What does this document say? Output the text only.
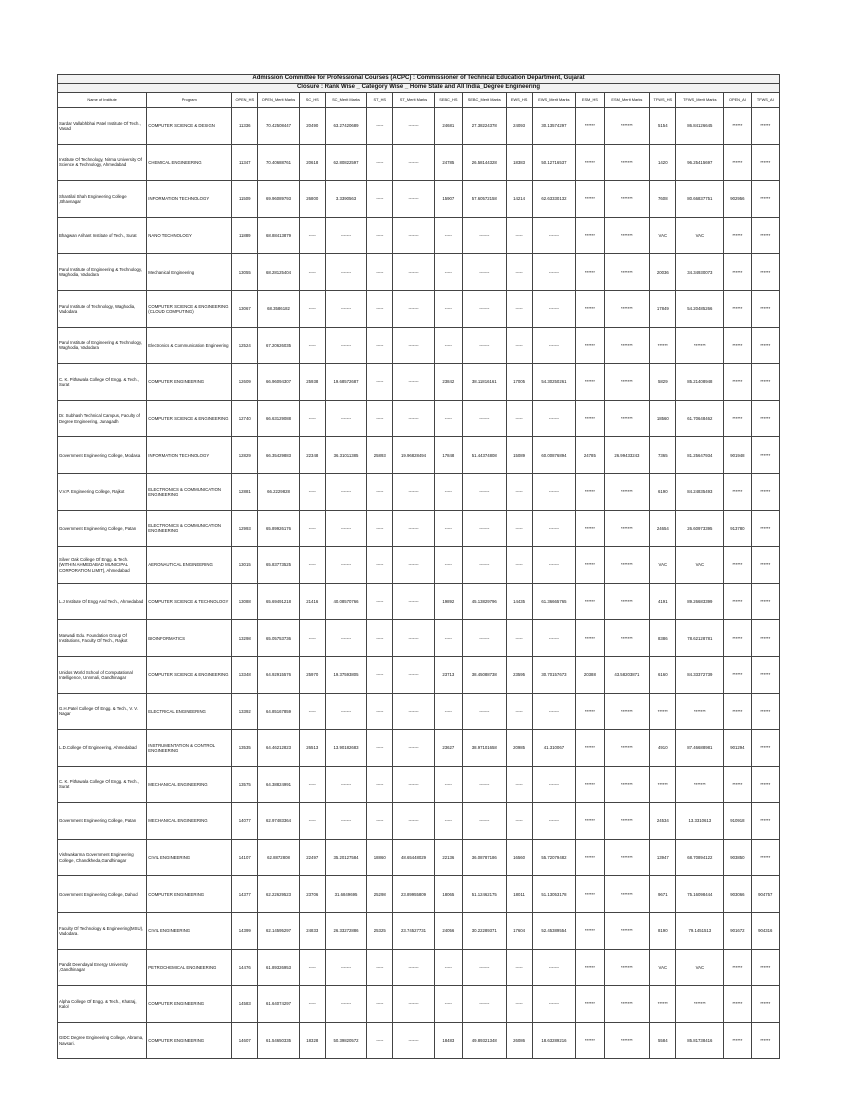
Admission Committee for Professional Courses (ACPC) : Commissioner of Technical Education Department, Gujarat																	
Closure : Rank Wise _ Category Wise _ Home State and All India_Degree Engineering																	
Name of Institute	Program	OPEN_HS	OPEN_Merit Marks	SC_HS	SC_Merit Marks	ST_HS	ST_Merit Marks	SEBC_HS	SEBC_Merit Marks	EWS_HS	EWS_Merit Marks	ESM_HS	ESM_Merit Marks	TFWS_HS	TFWS_Merit Marks	OPEN_AI	TFWS_AI
Sardar Vallabhbhai Patel Institute Of Tech., Vasad	COMPUTER SCIENCE & DESIGN	11336	70.42508447	20490	63.27420689	-----	-------	24681	27.38224378	24093	30.13574297	******	*******	5154	86.84126645	******	******
Institute Of Technology, Nirma University Of Science & Technology, Ahmedabad	CHEMICAL ENGINEERING	11347	70.40688761	20618	62.80822597	-----	-------	24785	26.58144328	18383	50.12716537	******	*******	1420	96.25415697	******	******
Shantilal Shah Engineering College ,Bhavnagar	INFORMATION TECHNOLOGY	11509	69.96089793	26800	3.3390563	-----	-------	15907	57.60572158	14214	62.63330132	******	*******	7608	80.66837751	902956	******
Bhagwan Arihant Institute of Tech., Surat	NANO TECHNOLOGY	11889	68.88413879	-----	-------	-----	-------	-----	-------	-----	-------	******	*******	VAC	VAC	******	******
Parul Institute of Engineering & Technology, Waghodia, Vadodara	Mechanical Engineering	13055	68.28125404	-----	-------	-----	-------	-----	-------	-----	-------	******	*******	20036	34.34930073	******	******
Parul Institute of Technology, Waghodia, Vadodara	COMPUTER SCIENCE & ENGINEERING (CLOUD COMPUTING)	13067	68.3586182	-----	-------	-----	-------	-----	-------	-----	-------	******	*******	17849	54.20485266	******	******
Parul Institute of Engineering & Technology, Waghodia, Vadodara	Electronics & Communication Engineering	12524	67.20626035	-----	-------	-----	-------	-----	-------	-----	-------	******	*******	******	*******	******	******
C. K. Pithawala College Of Engg. & Tech., Surat	COMPUTER ENGINEERING	12609	66.96094307	25938	19.68572687	-----	-------	23842	38.11816161	17005	54.30250261	******	*******	5829	85.21408948	******	******
Dr. Subhash Technical Campus, Faculty of Degree Engineering, Junagadh	COMPUTER SCIENCE & ENGINEERING	12740	66.63129088	-----	-------	-----	-------	-----	-------	-----	-------	******	*******	18560	61.70648462	******	******
Government Engineering College, Modasa	INFORMATION TECHNOLOGY	12829	66.35429883	22348	36.31011385	25893	19.96828494	17848	51.44374808	15089	60.00876894	24785	26.99433243	7365	81.25647934	901948	******
V.V.P. Engineering College, Rajkot	ELECTRONICS & COMMUNICATION ENGINEERING	12881	66.2229828	-----	-------	-----	-------	-----	-------	-----	-------	******	*******	6190	84.24835493	******	******
Government Engineering College, Patan	ELECTRONICS & COMMUNICATION ENGINEERING	12993	65.89926176	-----	-------	-----	-------	-----	-------	-----	-------	******	*******	24654	26.60973395	913780	******
Silver Oak College Of Engg. & Tech. (WITHIN AHMEDABAD MUNICIPAL CORPORATION LIMIT), Ahmedabad	AERONAUTICAL ENGINEERING	13015	65.83773525	-----	-------	-----	-------	-----	-------	-----	-------	******	*******	VAC	VAC	******	******
L.J Institute Of Engg And Tech., Ahmedabad	COMPUTER SCIENCE & TECHNOLOGY	13088	65.69491218	21416	40.08570766	-----	-------	19892	45.13829796	14435	61.36665765	******	*******	4191	89.26683399	******	******
Marwadi Edu. Foundation Group Of Institutions, Faculty Of Tech., Rajkot	BIOINFORMATICS	13298	65.05753736	-----	-------	-----	-------	-----	-------	-----	-------	******	*******	8386	78.62128781	******	******
Unidos World School of Computational Intelligence, Unnmali, Gandhinagar	COMPUTER SCIENCE & ENGINEERING	13348	64.92915576	25970	19.37593805	-----	-------	23713	38.45088738	23595	30.70157673	20388	43.58203871	6160	84.33372739	******	******
G.H.Patel College Of Engg. & Tech., V. V. Nagar	ELECTRICAL ENGINEERING	13392	64.85167859	-----	-------	-----	-------	-----	-------	-----	-------	******	*******	******	*******	******	******
L.D.College Of Engineering, Ahmedabad	INSTRUMENTATION & CONTROL ENGINEERING	13535	64.46212823	26513	13.90182683	-----	-------	23627	38.97101658	20985	41.310067	******	*******	4910	87.46688981	901294	******
C. K. Pithawala College Of Engg. & Tech., Surat	MECHANICAL ENGINEERING	13575	64.38824991	-----	-------	-----	-------	-----	-------	-----	-------	******	*******	******	*******	******	******
Government Engineering College, Patan	MECHANICAL ENGINEERING	14077	62.97483364	-----	-------	-----	-------	-----	-------	-----	-------	******	*******	24534	13.3310613	910918	******
Vishwakarma Government Engineering College, Chandkheda,Gandhinagar	CIVIL ENGINEERING	14107	62.8872808	22497	35.20127584	18860	48.65448029	22136	36.08787186	16560	55.72079482	******	*******	13947	68.70894122	903850	******
Government Engineering College, Dahod	COMPUTER ENGINEERING	14377	62.22629523	23706	31.6849695	25298	23.89955809	18065	51.12462175	18011	51.13053178	******	*******	9671	75.16098444	903066	904757
Faculty Of Technology & Engineering(MSU), Vadodara.	CIVIL ENGINEERING	14399	62.14595297	24833	26.33272886	25325	23.74527731	24056	30.22289371	17604	52.45389554	******	*******	8190	79.1451513	901672	904316
Pandit Deendayal Energy University ,Gandhinagar	PETROCHEMICAL ENGINEERING	14476	61.89326953	-----	-------	-----	-------	-----	-------	-----	-------	******	*******	VAC	VAC	******	******
Alpha College Of Engg. & Tech., Khatraj, Kalol	COMPUTER ENGINEERING	14583	61.64074297	-----	-------	-----	-------	-----	-------	-----	-------	******	*******	******	*******	******	******
GIDC Degree Engineering College, Abrama, Navsari.	COMPUTER ENGINEERING	14607	61.54650335	18328	50.39820572	-----	-------	18483	49.89321348	26086	18.63289216	******	*******	5584	85.81738416	******	******
